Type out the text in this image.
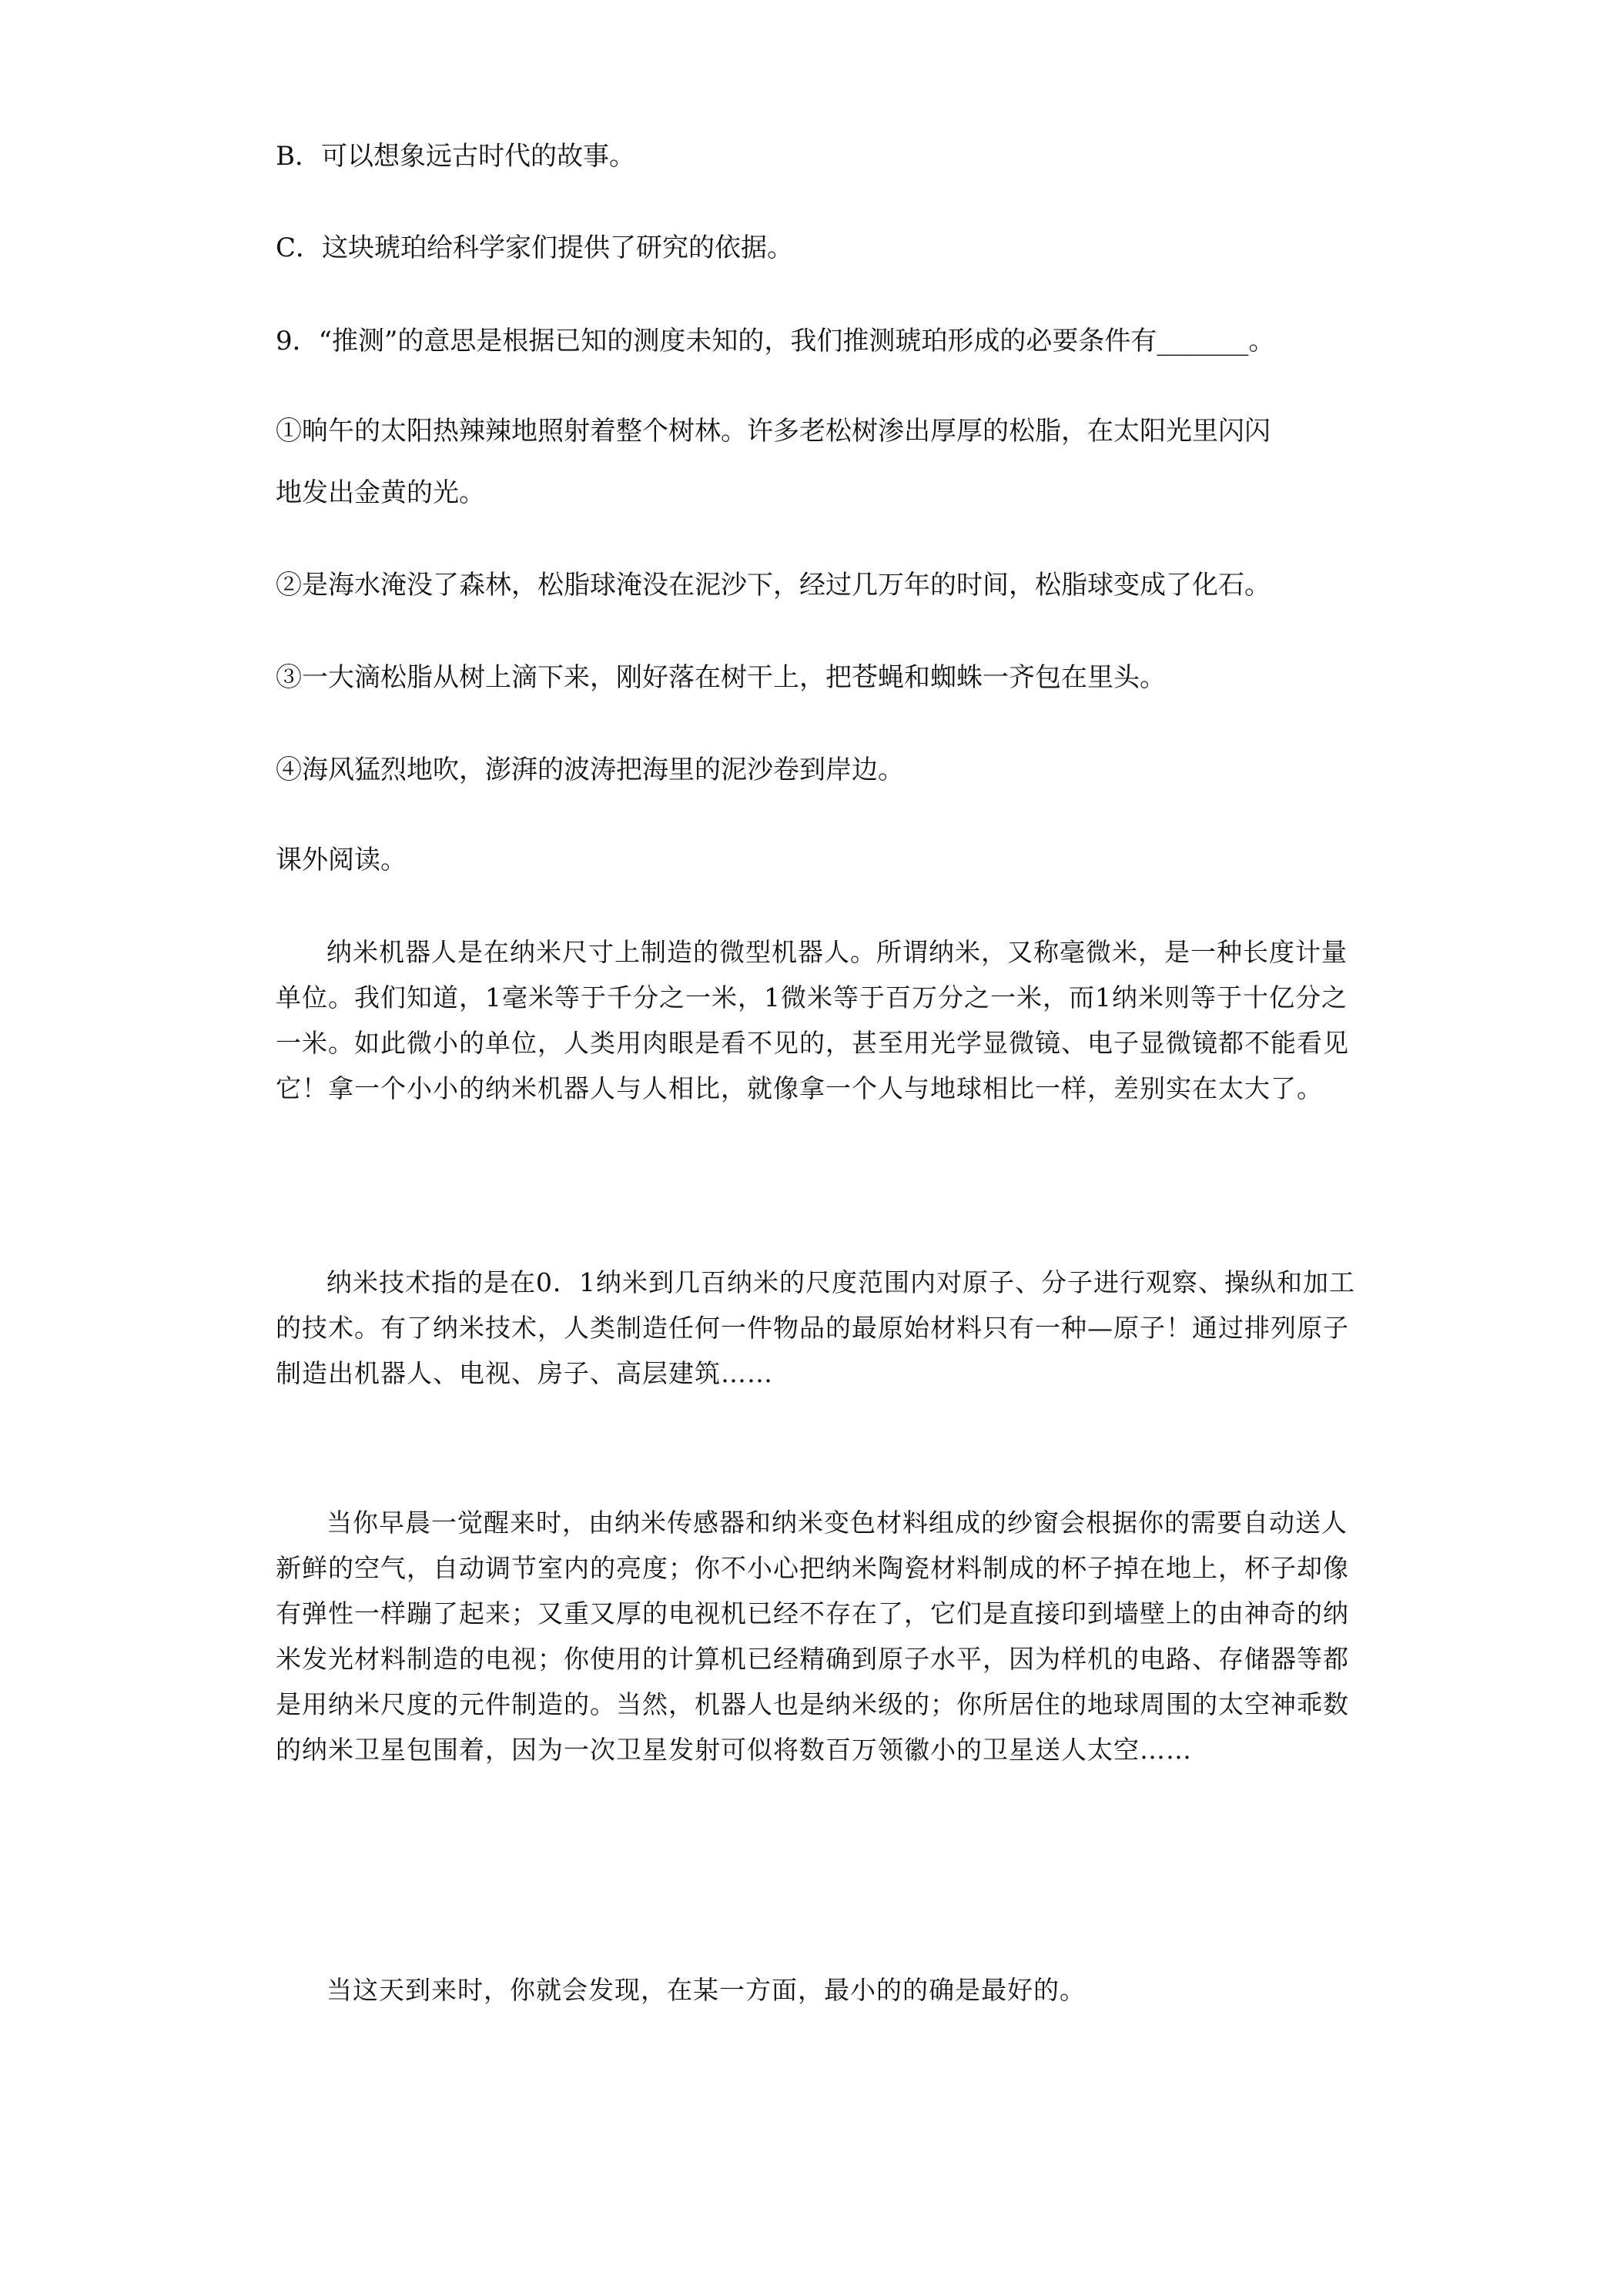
B．可以想象远古时代的故事。

C．这块琥珀给科学家们提供了研究的依据。

9．“推测”的意思是根据已知的测度未知的，我们推测琥珀形成的必要条件有_______。

①晌午的太阳热辣辣地照射着整个树林。许多老松树渗出厚厚的松脂，在太阳光里闪闪

地发出金黄的光。

②是海水淹没了森林，松脂球淹没在泥沙下，经过几万年的时间，松脂球变成了化石。

③一大滴松脂从树上滴下来，刚好落在树干上，把苍蝇和蜘蛛一齐包在里头。

④海风猛烈地吹，澎湃的波涛把海里的泥沙卷到岸边。

课外阅读。

纳米机器人是在纳米尺寸上制造的微型机器人。所谓纳米，又称毫微米，是一种长度计量单位。我们知道，1毫米等于千分之一米，1微米等于百万分之一米，而1纳米则等于十亿分之一米。如此微小的单位，人类用肉眼是看不见的，甚至用光学显微镜、电子显微镜都不能看见它！拿一个小小的纳米机器人与人相比，就像拿一个人与地球相比一样，差别实在太大了。

纳米技术指的是在0．1纳米到几百纳米的尺度范围内对原子、分子进行观察、操纵和加工的技术。有了纳米技术，人类制造任何一件物品的最原始材料只有一种—原子！通过排列原子制造出机器人、电视、房子、高层建筑……

当你早晨一觉醒来时，由纳米传感器和纳米变色材料组成的纱窗会根据你的需要自动送人新鲜的空气，自动调节室内的亮度；你不小心把纳米陶瓷材料制成的杯子掉在地上，杯子却像有弹性一样蹦了起来；又重又厚的电视机已经不存在了，它们是直接印到墙壁上的由神奇的纳米发光材料制造的电视；你使用的计算机已经精确到原子水平，因为样机的电路、存储器等都是用纳米尺度的元件制造的。当然，机器人也是纳米级的；你所居住的地球周围的太空神乖数的纳米卫星包围着，因为一次卫星发射可似将数百万领徽小的卫星送人太空……

当这天到来时，你就会发现，在某一方面，最小的的确是最好的。
